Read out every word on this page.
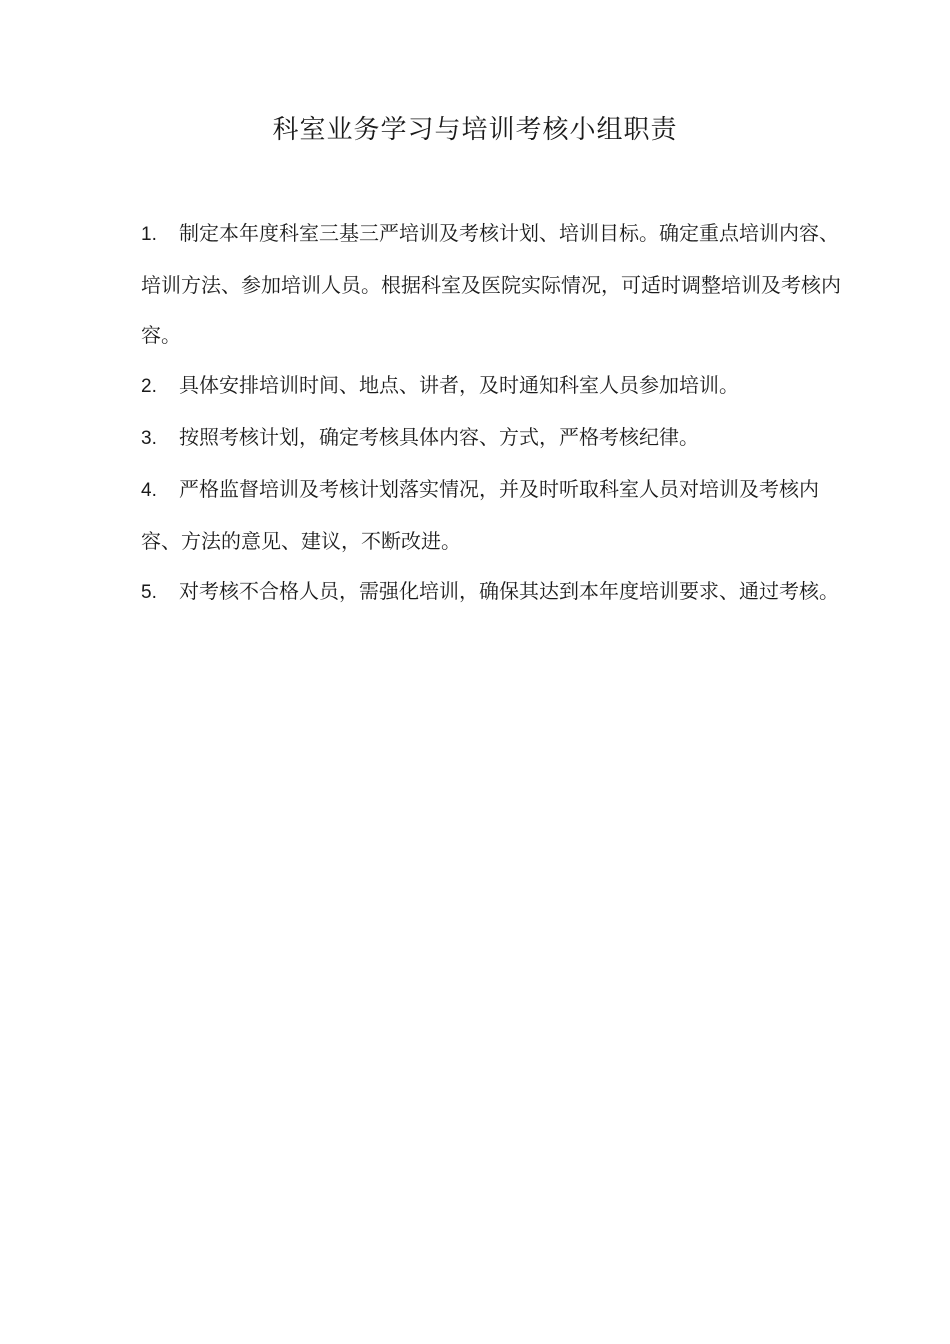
科室业务学习与培训考核小组职责
1. 制定本年度科室三基三严培训及考核计划、培训目标。确定重点培训内容、培训方法、参加培训人员。根据科室及医院实际情况，可适时调整培训及考核内容。
2. 具体安排培训时间、地点、讲者，及时通知科室人员参加培训。
3. 按照考核计划，确定考核具体内容、方式，严格考核纪律。
4. 严格监督培训及考核计划落实情况，并及时听取科室人员对培训及考核内容、方法的意见、建议，不断改进。
5. 对考核不合格人员，需强化培训，确保其达到本年度培训要求、通过考核。
